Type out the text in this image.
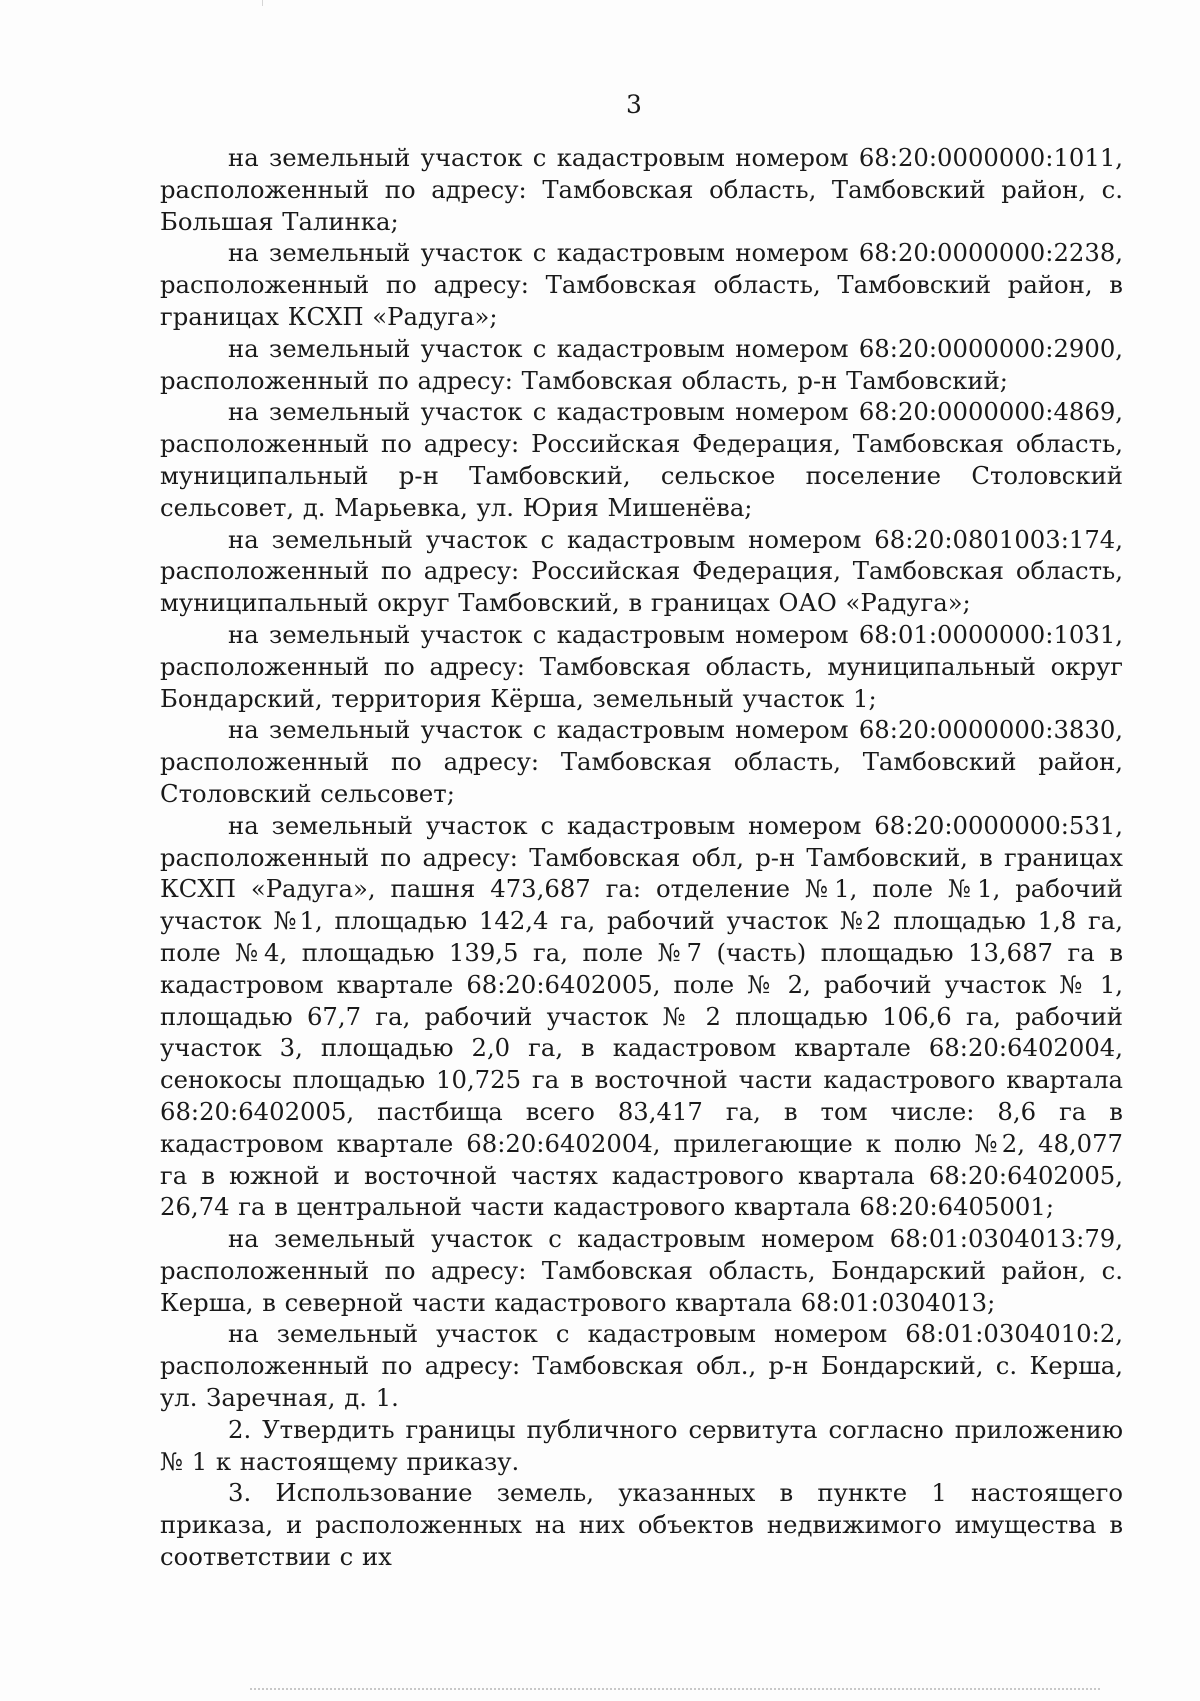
3

на земельный участок с кадастровым номером 68:20:0000000:1011, расположенный по адресу: Тамбовская область, Тамбовский район, с. Большая Талинка;

на земельный участок с кадастровым номером 68:20:0000000:2238, расположенный по адресу: Тамбовская область, Тамбовский район, в границах КСХП «Радуга»;

на земельный участок с кадастровым номером 68:20:0000000:2900, расположенный по адресу: Тамбовская область, р-н Тамбовский;

на земельный участок с кадастровым номером 68:20:0000000:4869, расположенный по адресу: Российская Федерация, Тамбовская область, муниципальный р-н Тамбовский, сельское поселение Столовский сельсовет, д. Марьевка, ул. Юрия Мишенёва;

на земельный участок с кадастровым номером 68:20:0801003:174, расположенный по адресу: Российская Федерация, Тамбовская область, муниципальный округ Тамбовский, в границах ОАО «Радуга»;

на земельный участок с кадастровым номером 68:01:0000000:1031, расположенный по адресу: Тамбовская область, муниципальный округ Бондарский, территория Кёрша, земельный участок 1;

на земельный участок с кадастровым номером 68:20:0000000:3830, расположенный по адресу: Тамбовская область, Тамбовский район, Столовский сельсовет;

на земельный участок с кадастровым номером 68:20:0000000:531, расположенный по адресу: Тамбовская обл, р-н Тамбовский, в границах КСХП «Радуга», пашня 473,687 га: отделение №1, поле №1, рабочий участок №1, площадью 142,4 га, рабочий участок №2 площадью 1,8 га, поле №4, площадью 139,5 га, поле №7 (часть) площадью 13,687 га в кадастровом квартале 68:20:6402005, поле № 2, рабочий участок № 1, площадью 67,7 га, рабочий участок № 2 площадью 106,6 га, рабочий участок 3, площадью 2,0 га, в кадастровом квартале 68:20:6402004, сенокосы площадью 10,725 га в восточной части кадастрового квартала 68:20:6402005, пастбища всего 83,417 га, в том числе: 8,6 га в кадастровом квартале 68:20:6402004, прилегающие к полю №2, 48,077 га в южной и восточной частях кадастрового квартала 68:20:6402005, 26,74 га в центральной части кадастрового квартала 68:20:6405001;

на земельный участок с кадастровым номером 68:01:0304013:79, расположенный по адресу: Тамбовская область, Бондарский район, с. Керша, в северной части кадастрового квартала 68:01:0304013;

на земельный участок с кадастровым номером 68:01:0304010:2, расположенный по адресу: Тамбовская обл., р-н Бондарский, с. Керша, ул. Заречная, д. 1.

2. Утвердить границы публичного сервитута согласно приложению № 1 к настоящему приказу.

3. Использование земель, указанных в пункте 1 настоящего приказа, и расположенных на них объектов недвижимого имущества в соответствии с их
